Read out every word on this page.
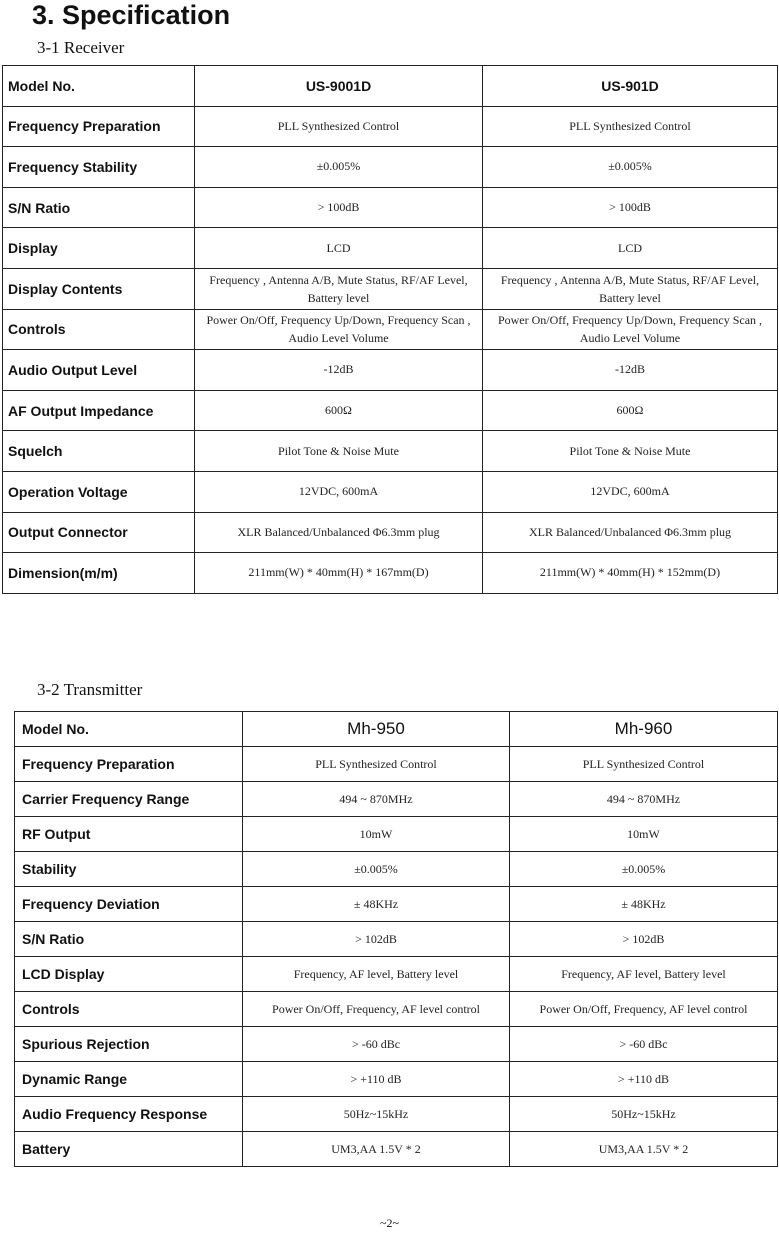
3. Specification
3-1 Receiver
Model No.	US-9001D	US-901D
Frequency Preparation	PLL Synthesized Control	PLL Synthesized Control
Frequency Stability	±0.005%	±0.005%
S/N Ratio	> 100dB	> 100dB
Display	LCD	LCD
Display Contents	Frequency , Antenna A/B, Mute Status, RF/AF Level, Battery level	Frequency , Antenna A/B, Mute Status, RF/AF Level, Battery level
Controls	Power On/Off, Frequency Up/Down, Frequency Scan , Audio Level Volume	Power On/Off, Frequency Up/Down, Frequency Scan , Audio Level Volume
Audio Output Level	-12dB	-12dB
AF Output Impedance	600Ω	600Ω
Squelch	Pilot Tone & Noise Mute	Pilot Tone & Noise Mute
Operation Voltage	12VDC, 600mA	12VDC, 600mA
Output Connector	XLR Balanced/Unbalanced Φ6.3mm plug	XLR Balanced/Unbalanced Φ6.3mm plug
Dimension(m/m)	211mm(W) * 40mm(H) * 167mm(D)	211mm(W) * 40mm(H) * 152mm(D)
3-2 Transmitter
Model No.	Mh-950	Mh-960
Frequency Preparation	PLL Synthesized Control	PLL Synthesized Control
Carrier Frequency Range	494 ~ 870MHz	494 ~ 870MHz
RF Output	10mW	10mW
Stability	±0.005%	±0.005%
Frequency Deviation	± 48KHz	± 48KHz
S/N Ratio	> 102dB	> 102dB
LCD Display	Frequency, AF level, Battery level	Frequency, AF level, Battery level
Controls	Power On/Off, Frequency, AF level control	Power On/Off, Frequency, AF level control
Spurious Rejection	> -60 dBc	> -60 dBc
Dynamic Range	> +110 dB	> +110 dB
Audio Frequency Response	50Hz~15kHz	50Hz~15kHz
Battery	UM3,AA 1.5V * 2	UM3,AA 1.5V * 2
~2~
